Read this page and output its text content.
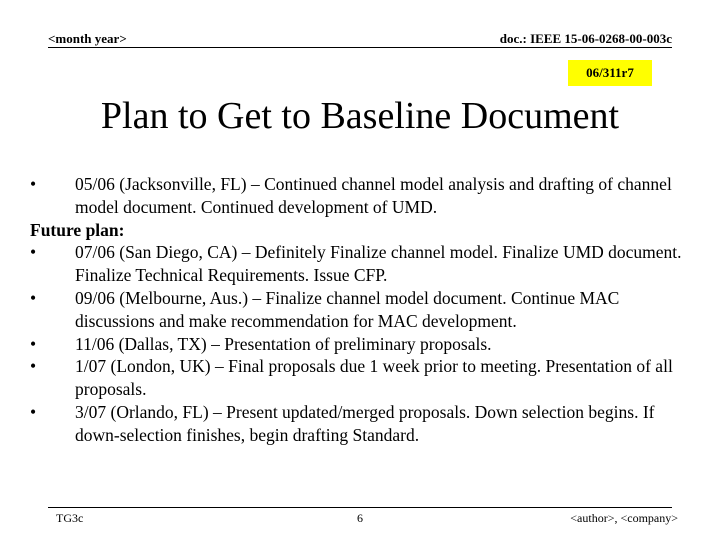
<month year>	doc.: IEEE 15-06-0268-00-003c
06/311r7
Plan to Get to Baseline Document
•	05/06 (Jacksonville, FL) – Continued channel model analysis and drafting of channel model document. Continued development of UMD.
Future plan:
•	07/06 (San Diego, CA) – Definitely Finalize channel model. Finalize UMD document. Finalize Technical Requirements. Issue CFP.
•	09/06 (Melbourne, Aus.) – Finalize channel model document. Continue MAC discussions and make recommendation for MAC development.
•	11/06 (Dallas, TX) – Presentation of preliminary proposals.
•	1/07 (London, UK) – Final proposals due 1 week prior to meeting. Presentation of all proposals.
•	3/07 (Orlando, FL) – Present updated/merged proposals. Down selection begins. If down-selection finishes, begin drafting Standard.
TG3c	6	<author>, <company>
